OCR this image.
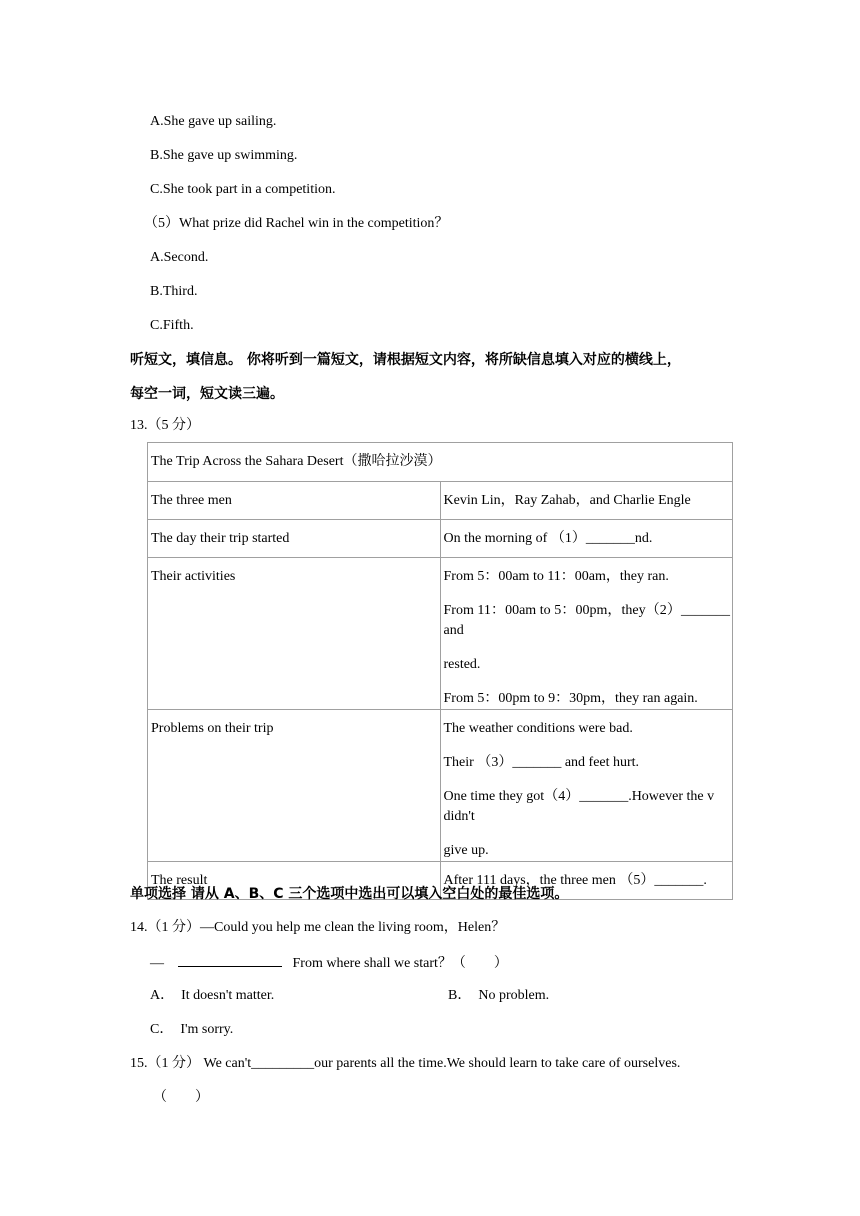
A.She gave up sailing.
B.She gave up swimming.
C.She took part in a competition.
（5）What prize did Rachel win in the competition？
A.Second.
B.Third.
C.Fifth.
听短文，填信息。 你将听到一篇短文，请根据短文内容，将所缺信息填入对应的横线上，
每空一词，短文读三遍。
13.（5 分）
The Trip Across the Sahara Desert（撒哈拉沙漠）	
The three men	Kevin Lin，Ray Zahab，and Charlie Engle

The day their trip started	On the morning of （1）_______nd.

Their activities	From 5：00am to 11：00am，they ran.

From 11：00am to 5：00pm，they（2）_______ and

rested.

From 5：00pm to 9：30pm，they ran again.

Problems on their trip	The weather conditions were bad.

Their （3）_______ and feet hurt.

One time they got（4）_______.However the v didn't

give up.

The result	After 111 days，the three men （5）_______.

单项选择 请从 A、B、C 三个选项中选出可以填入空白处的最佳选项。
14.（1 分）—Could you help me clean the living room，Helen？
—	From where shall we start？（　　）
A．　It doesn't matter.	B．　No problem.
C．　I'm sorry.
15.（1 分） We can't_________our parents all the time.We should learn to take care of ourselves.
（　　）
